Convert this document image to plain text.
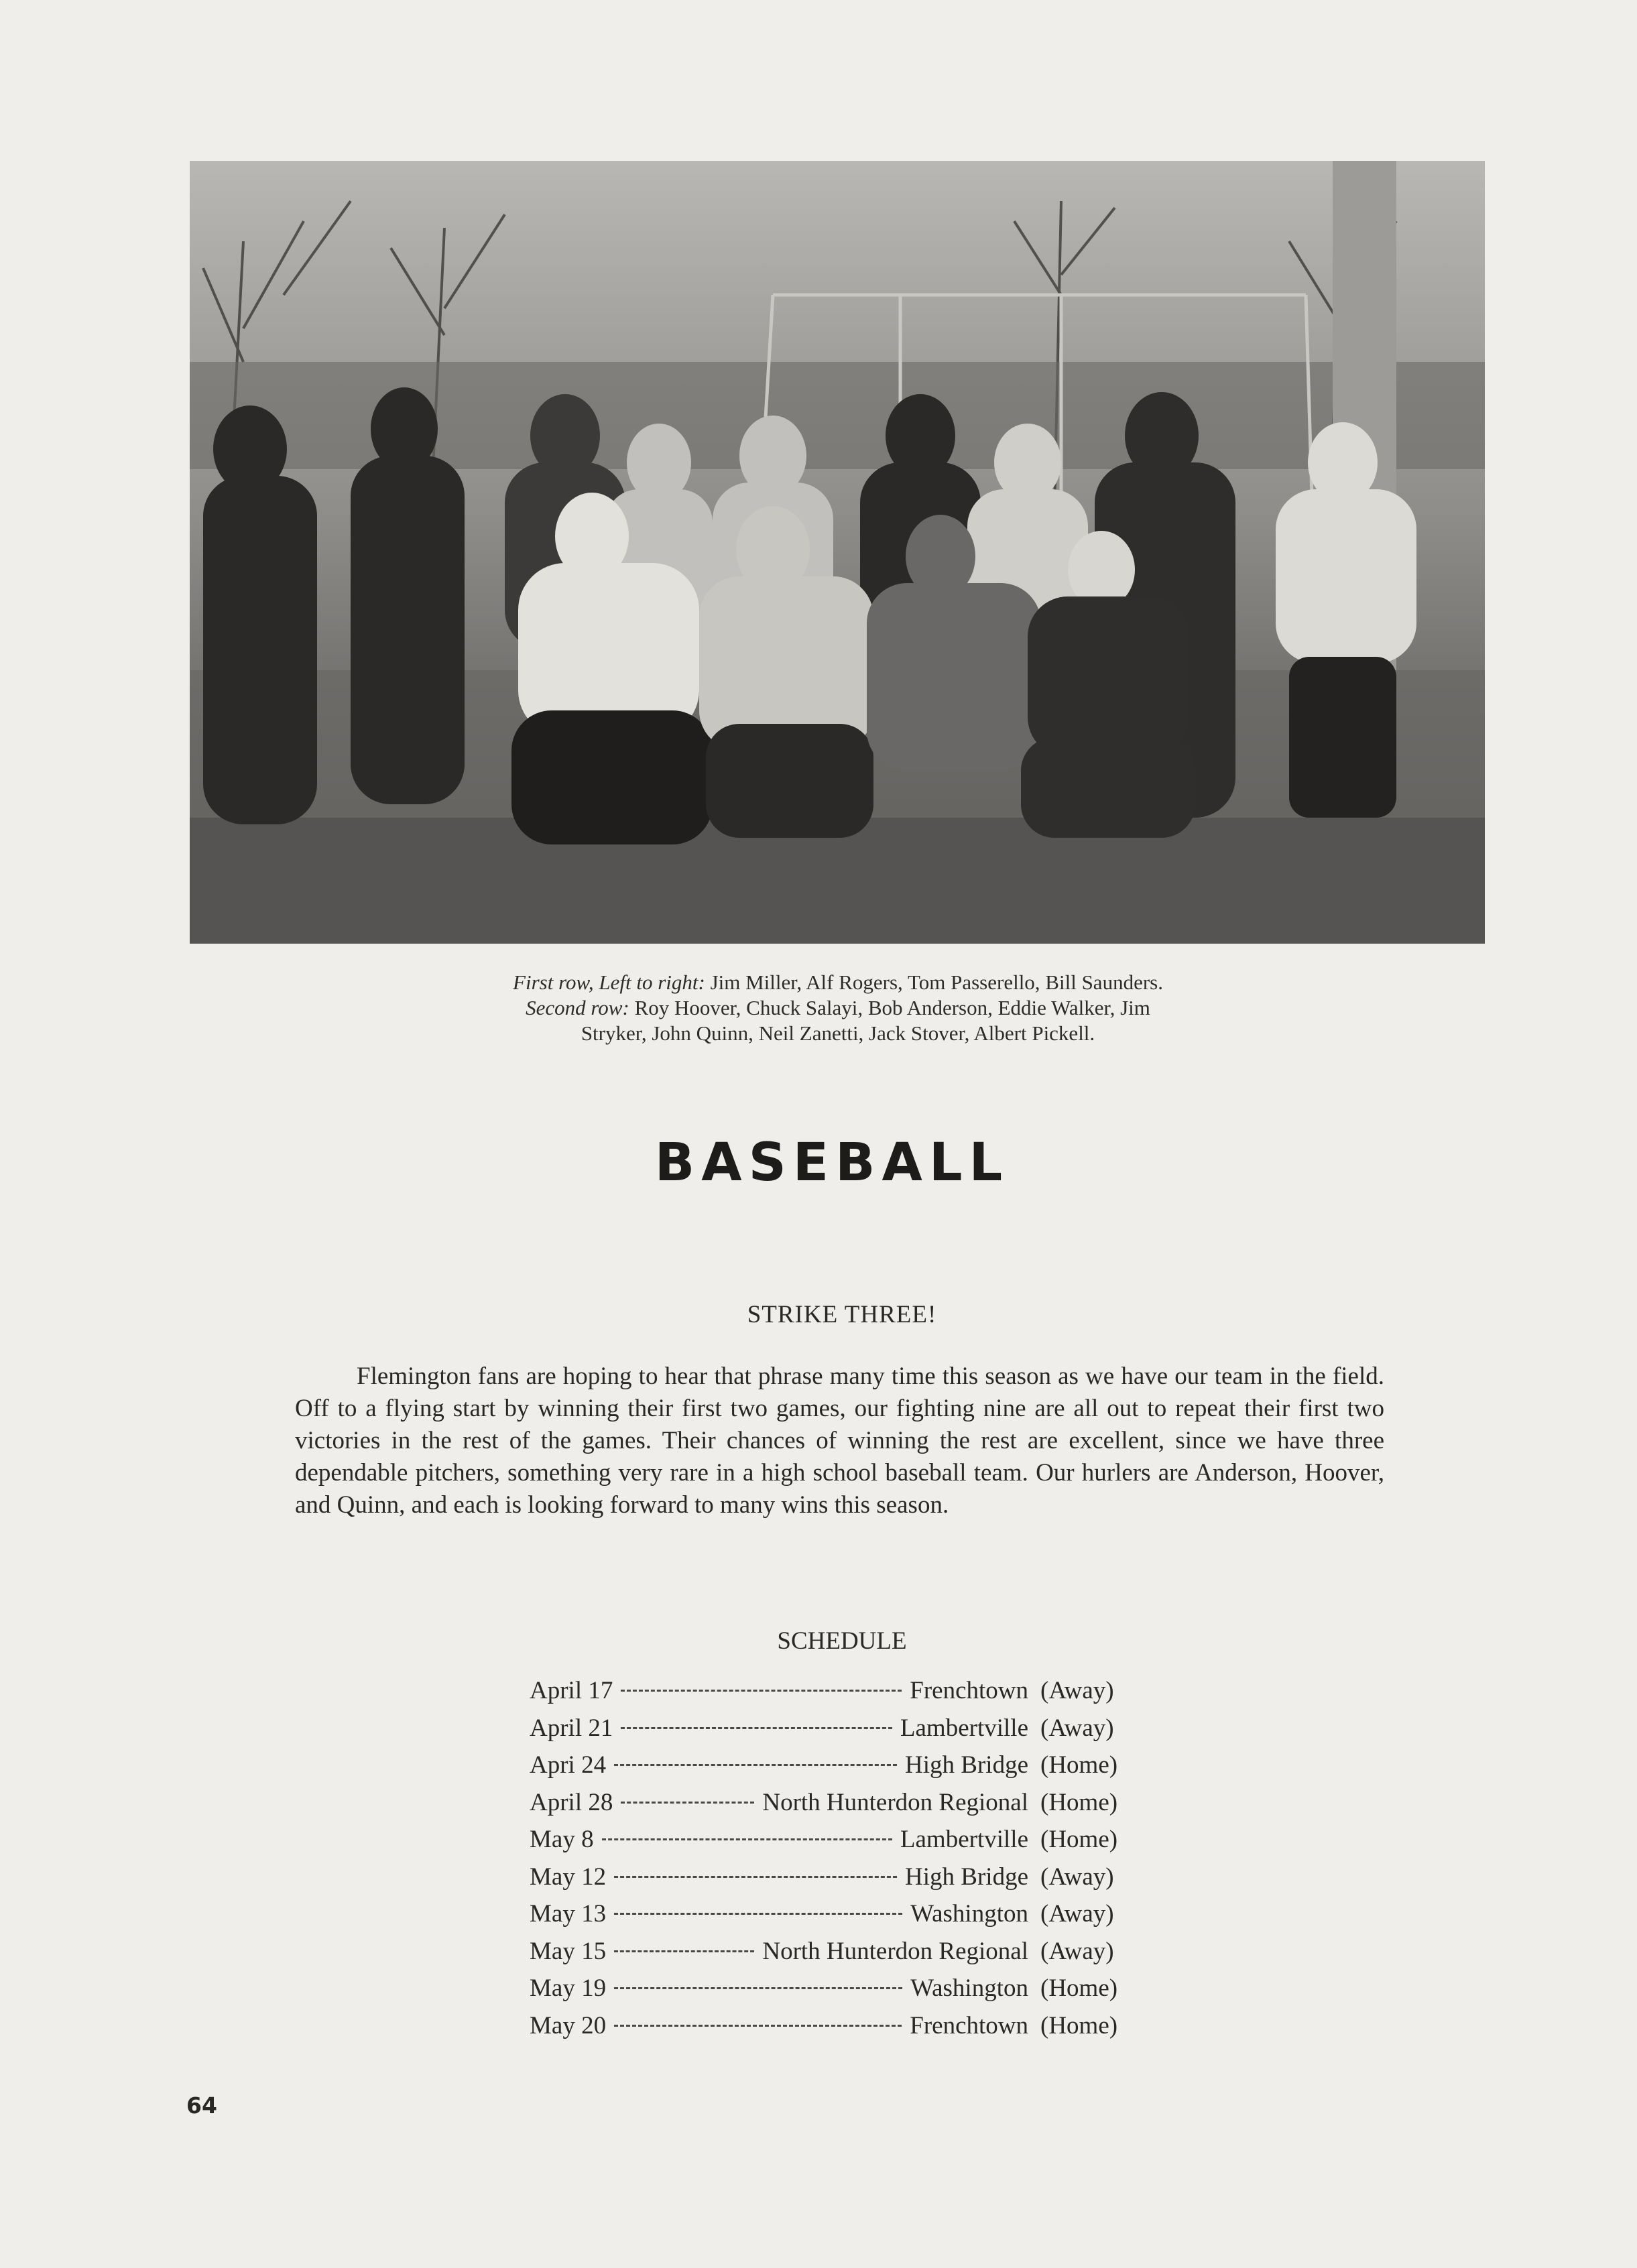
First row, Left to right: Jim Miller, Alf Rogers, Tom Passerello, Bill Saunders.
Second row: Roy Hoover, Chuck Salayi, Bob Anderson, Eddie Walker, Jim
Stryker, John Quinn, Neil Zanetti, Jack Stover, Albert Pickell.
BASEBALL
STRIKE THREE!

Flemington fans are hoping to hear that phrase many time this season as we have our team in the field. Off to a flying start by winning their first two games, our fighting nine are all out to repeat their first two victories in the rest of the games. Their chances of winning the rest are excellent, since we have three dependable pitchers, something very rare in a high school baseball team. Our hurlers are Anderson, Hoover, and Quinn, and each is looking forward to many wins this season.

SCHEDULE
April 17	Frenchtown (Away)
April 21	Lambertville (Away)
Apri 24	High Bridge (Home)
April 28	North Hunterdon Regional (Home)
May 8	Lambertville (Home)
May 12	High Bridge (Away)
May 13	Washington (Away)
May 15	North Hunterdon Regional (Away)
May 19	Washington (Home)
May 20	Frenchtown (Home)
64
